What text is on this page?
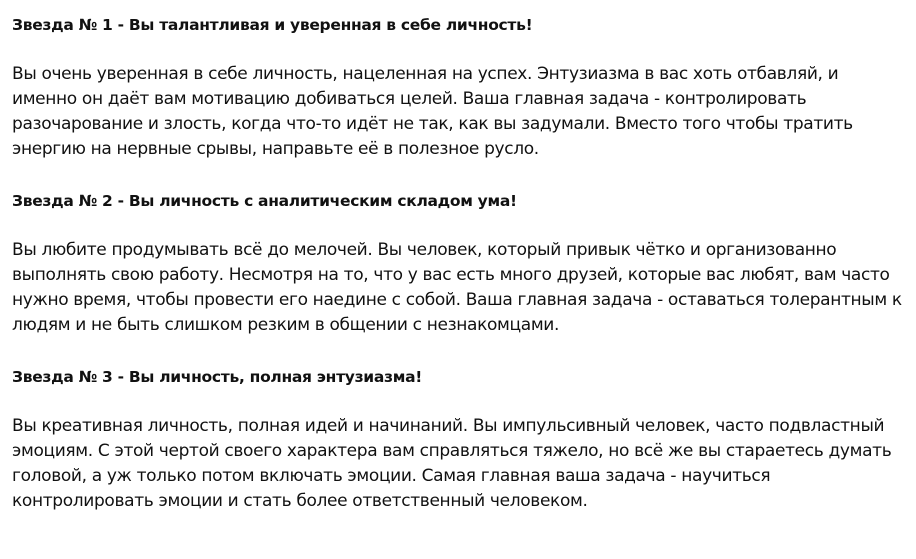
Звезда № 1 - Вы талантливая и уверенная в себе личность!

Вы очень уверенная в себе личность, нацеленная на успех. Энтузиазма в вас хоть отбавляй, и именно он даёт вам мотивацию добиваться целей. Ваша главная задача - контролировать разочарование и злость, когда что-то идёт не так, как вы задумали. Вместо того чтобы тратить энергию на нервные срывы, направьте её в полезное русло.

Звезда № 2 - Вы личность с аналитическим складом ума!

Вы любите продумывать всё до мелочей. Вы человек, который привык чётко и организованно выполнять свою работу. Несмотря на то, что у вас есть много друзей, которые вас любят, вам часто нужно время, чтобы провести его наедине с собой. Ваша главная задача - оставаться толерантным к людям и не быть слишком резким в общении с незнакомцами.

Звезда № 3 - Вы личность, полная энтузиазма!

Вы креативная личность, полная идей и начинаний. Вы импульсивный человек, часто подвластный эмоциям. С этой чертой своего характера вам справляться тяжело, но всё же вы стараетесь думать головой, а уж только потом включать эмоции. Самая главная ваша задача - научиться контролировать эмоции и стать более ответственный человеком.
